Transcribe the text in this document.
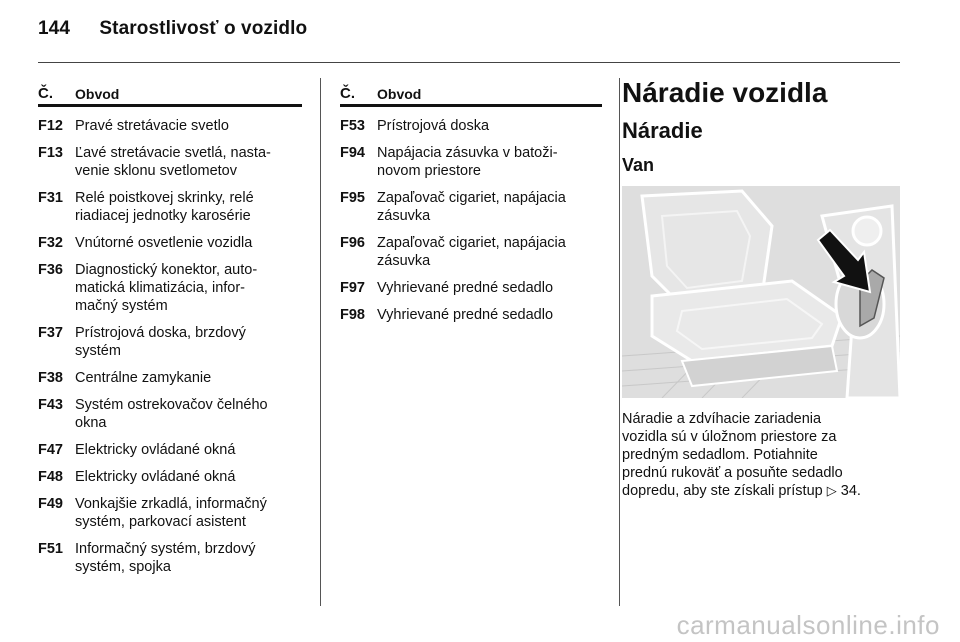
144 Starostlivosť o vozidlo
Č.	Obvod
F12 Pravé stretávacie svetlo
F13 Ľavé stretávacie svetlá, nasta-
venie sklonu svetlometov
F31 Relé poistkovej skrinky, relé
riadiacej jednotky karosérie
F32 Vnútorné osvetlenie vozidla
F36 Diagnostický konektor, auto-
matická klimatizácia, infor-
mačný systém
F37 Prístrojová doska, brzdový
systém
F38 Centrálne zamykanie
F43 Systém ostrekovačov čelného
okna
F47 Elektricky ovládané okná
F48 Elektricky ovládané okná
F49 Vonkajšie zrkadlá, informačný
systém, parkovací asistent
F51 Informačný systém, brzdový
systém, spojka
Č.	Obvod
F53 Prístrojová doska
F94 Napájacia zásuvka v batoži-
novom priestore
F95 Zapaľovač cigariet, napájacia
zásuvka
F96 Zapaľovač cigariet, napájacia
zásuvka
F97 Vyhrievané predné sedadlo
F98 Vyhrievané predné sedadlo
Náradie vozidla
Náradie
Van
Náradie a zdvíhacie zariadenia
vozidla sú v úložnom priestore za
predným sedadlom. Potiahnite
prednú rukoväť a posuňte sedadlo
dopredu, aby ste získali prístup ▷ 34.
carmanualsonline.info
